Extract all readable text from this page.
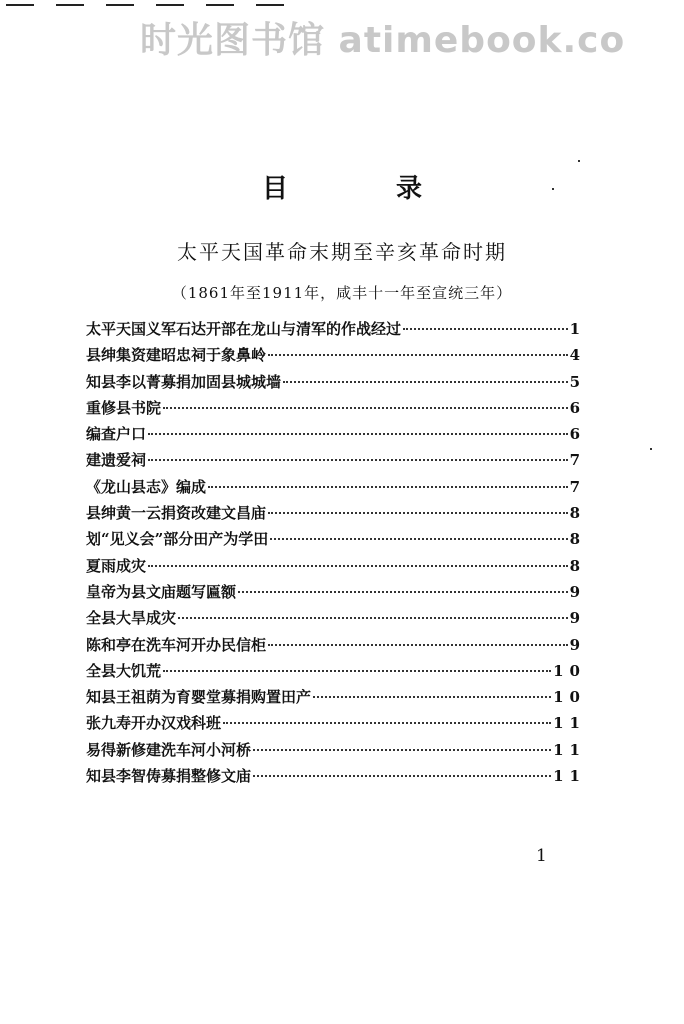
时光图书馆 atimebook.co
目录
太平天国革命末期至辛亥革命时期
（1861年至1911年，咸丰十一年至宣统三年）
太平天国义军石达开部在龙山与清军的作战经过	1
县绅集资建昭忠祠于象鼻岭	4
知县李以菁募捐加固县城城墙	5
重修县书院	6
编查户口	6
建遗爱祠	7
《龙山县志》编成	7
县绅黄一云捐资改建文昌庙	8
划“见义会”部分田产为学田	8
夏雨成灾	8
皇帝为县文庙题写匾额	9
全县大旱成灾	9
陈和亭在洗车河开办民信柜	9
全县大饥荒	10
知县王祖荫为育婴堂募捐购置田产	10
张九寿开办汉戏科班	11
易得新修建洗车河小河桥	11
知县李智俦募捐整修文庙	11
1
